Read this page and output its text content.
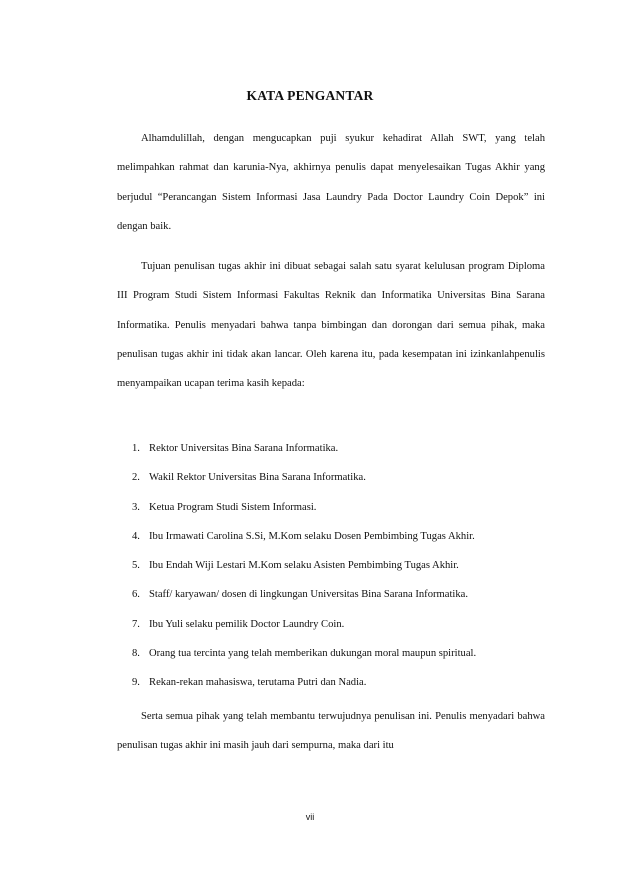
KATA PENGANTAR

Alhamdulillah, dengan mengucapkan puji syukur kehadirat Allah SWT, yang telah melimpahkan rahmat dan karunia-Nya, akhirnya penulis dapat menyelesaikan Tugas Akhir yang berjudul “Perancangan Sistem Informasi Jasa Laundry Pada Doctor Laundry Coin Depok” ini dengan baik.

Tujuan penulisan tugas akhir ini dibuat sebagai salah satu syarat kelulusan program Diploma III Program Studi Sistem Informasi Fakultas Reknik dan Informatika Universitas Bina Sarana Informatika. Penulis menyadari bahwa tanpa bimbingan dan dorongan dari semua pihak, maka penulisan tugas akhir ini tidak akan lancar. Oleh karena itu, pada kesempatan ini izinkanlahpenulis menyampaikan ucapan terima kasih kepada:

1. Rektor Universitas Bina Sarana Informatika.
2. Wakil Rektor Universitas Bina Sarana Informatika.
3. Ketua Program Studi Sistem Informasi.
4. Ibu Irmawati Carolina S.Si, M.Kom selaku Dosen Pembimbing Tugas Akhir.
5. Ibu Endah Wiji Lestari M.Kom selaku Asisten Pembimbing Tugas Akhir.
6. Staff/ karyawan/ dosen di lingkungan Universitas Bina Sarana Informatika.
7. Ibu Yuli selaku pemilik Doctor Laundry Coin.
8. Orang tua tercinta yang telah memberikan dukungan moral maupun spiritual.
9. Rekan-rekan mahasiswa, terutama Putri dan Nadia.

Serta semua pihak yang telah membantu terwujudnya penulisan ini. Penulis menyadari bahwa penulisan tugas akhir ini masih jauh dari sempurna, maka dari itu

vii
